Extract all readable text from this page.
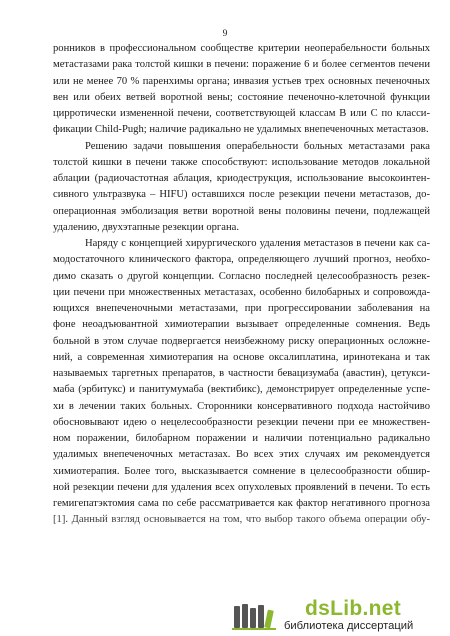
9
ронников в профессиональном сообществе критерии неоперабельности больных
метастазами рака толстой кишки в печени: поражение 6 и более сегментов печени
или не менее 70 % паренхимы органа; инвазия устьев трех основных печеночных
вен или обеих ветвей воротной вены; состояние печеночно-клеточной функции
цирротически измененной печени, соответствующей классам B или C по класси-
фикации Child-Pugh; наличие радикально не удалимых внепеченочных метастазов.
Решению задачи повышения операбельности больных метастазами рака
толстой кишки в печени также способствуют: использование методов локальной
аблации (радиочастотная аблация, криодеструкция, использование высокоинтен-
сивного ультразвука – HIFU) оставшихся после резекции печени метастазов, до-
операционная эмболизация ветви воротной вены половины печени, подлежащей
удалению, двухэтапные резекции органа.
Наряду с концепцией хирургического удаления метастазов в печени как са-
модостаточного клинического фактора, определяющего лучший прогноз, необхо-
димо сказать о другой концепции. Согласно последней целесообразность резек-
ции печени при множественных метастазах, особенно билобарных и сопровожда-
ющихся внепеченочными метастазами, при прогрессировании заболевания на
фоне неоадъювантной химиотерапии вызывает определенные сомнения. Ведь
больной в этом случае подвергается неизбежному риску операционных осложне-
ний, а современная химиотерапия на основе оксалиплатина, иринотекана и так
называемых таргетных препаратов, в частности бевацизумаба (авастин), цетукси-
маба (эрбитукс) и панитумумаба (вектибикс), демонстрирует определенные успе-
хи в лечении таких больных. Сторонники консервативного подхода настойчиво
обосновывают идею о нецелесообразности резекции печени при ее множествен-
ном поражении, билобарном поражении и наличии потенциально радикально
удалимых внепеченочных метастазах. Во всех этих случаях им рекомендуется
химиотерапия. Более того, высказывается сомнение в целесообразности обшир-
ной резекции печени для удаления всех опухолевых проявлений в печени. То есть
гемигепатэктомия сама по себе рассматривается как фактор негативного прогноза
[1]. Данный взгляд основывается на том, что выбор такого объема операции обу-
dsLib.net
библиотека диссертаций
